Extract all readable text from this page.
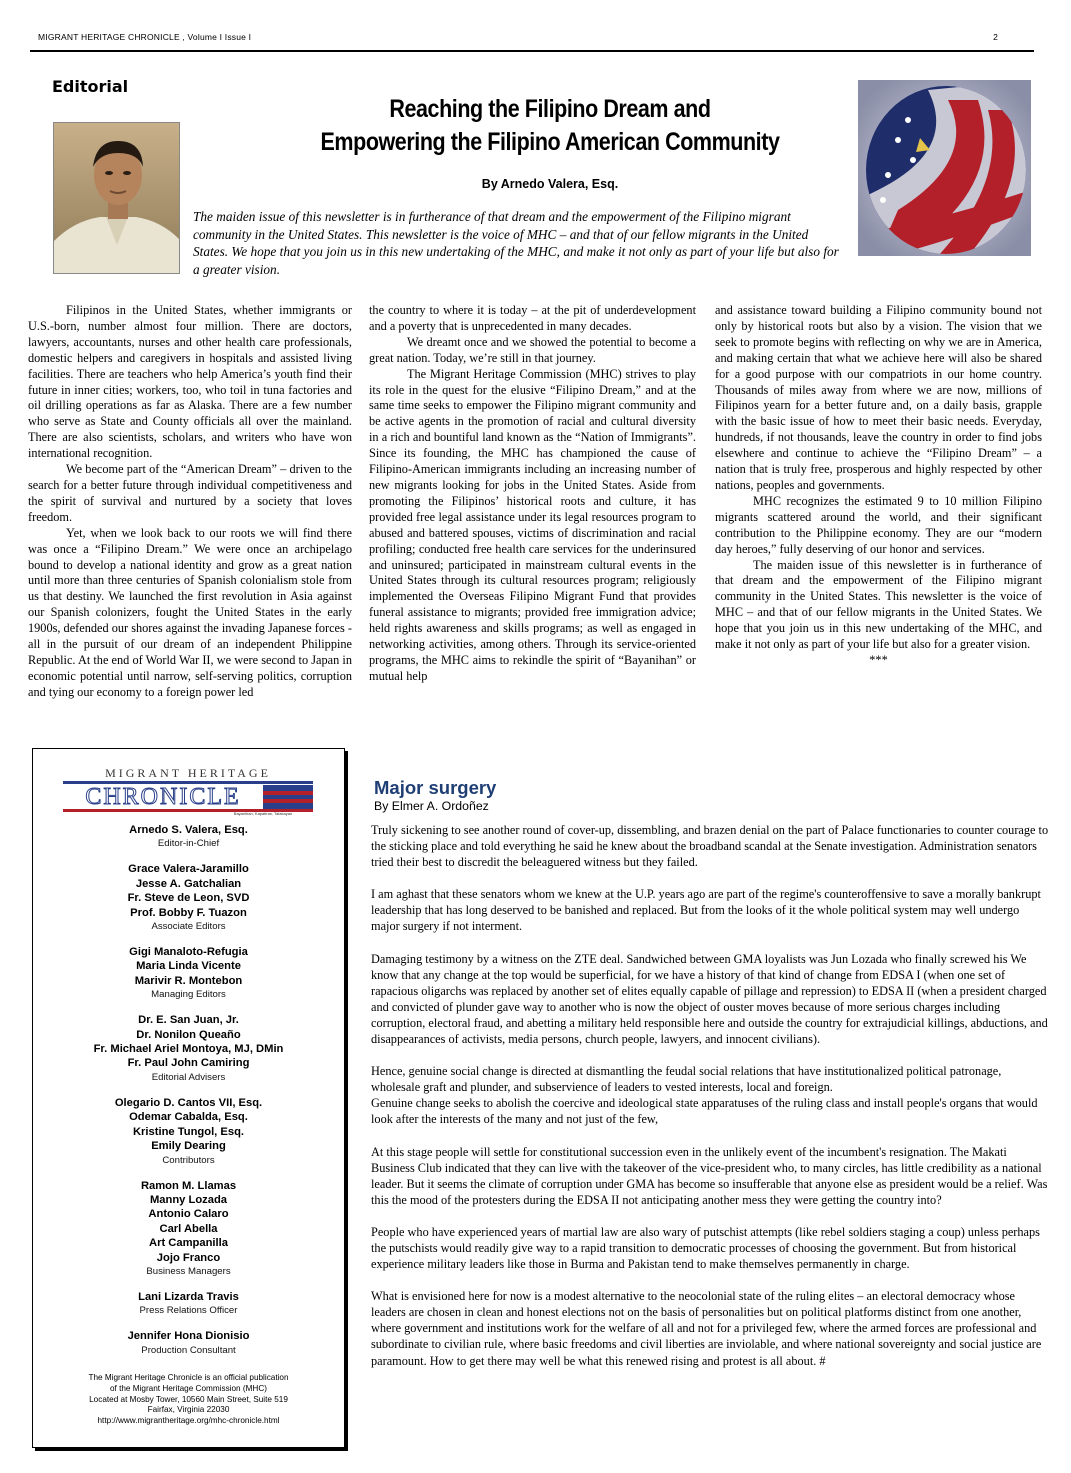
MIGRANT HERITAGE CHRONICLE , Volume I Issue I	2
Editorial
Reaching the Filipino Dream and
Empowering the Filipino American Community
By Arnedo Valera, Esq.
The maiden issue of this newsletter is in furtherance of that dream and the empowerment of the Filipino migrant community in the United States. This newsletter is the voice of MHC – and that of our fellow migrants in the United States. We hope that you join us in this new undertaking of the MHC, and make it not only as part of your life but also for a greater vision.

Filipinos in the United States, whether immigrants or U.S.-born, number almost four million. There are doctors, lawyers, accountants, nurses and other health care professionals, domestic helpers and caregivers in hospitals and assisted living facilities. There are teachers who help America’s youth find their future in inner cities; workers, too, who toil in tuna factories and oil drilling operations as far as Alaska. There are a few number who serve as State and County officials all over the mainland. There are also scientists, scholars, and writers who have won international recognition.

We become part of the “American Dream” – driven to the search for a better future through individual competitiveness and the spirit of survival and nurtured by a society that loves freedom.

Yet, when we look back to our roots we will find there was once a “Filipino Dream.” We were once an archipelago bound to develop a national identity and grow as a great nation until more than three centuries of Spanish colonialism stole from us that destiny. We launched the first revolution in Asia against our Spanish colonizers, fought the United States in the early 1900s, defended our shores against the invading Japanese forces - all in the pursuit of our dream of an independent Philippine Republic. At the end of World War II, we were second to Japan in economic potential until narrow, self-serving politics, corruption and tying our economy to a foreign power led

the country to where it is today – at the pit of underdevelopment and a poverty that is unprecedented in many decades.

We dreamt once and we showed the potential to become a great nation. Today, we’re still in that journey.

The Migrant Heritage Commission (MHC) strives to play its role in the quest for the elusive “Filipino Dream,” and at the same time seeks to empower the Filipino migrant community and be active agents in the promotion of racial and cultural diversity in a rich and bountiful land known as the “Nation of Immigrants”. Since its founding, the MHC has championed the cause of Filipino-American immigrants including an increasing number of new migrants looking for jobs in the United States. Aside from promoting the Filipinos’ historical roots and culture, it has provided free legal assistance under its legal resources program to abused and battered spouses, victims of discrimination and racial profiling; conducted free health care services for the underinsured and uninsured; participated in mainstream cultural events in the United States through its cultural resources program; religiously implemented the Overseas Filipino Migrant Fund that provides funeral assistance to migrants; provided free immigration advice; held rights awareness and skills programs; as well as engaged in networking activities, among others. Through its service-oriented programs, the MHC aims to rekindle the spirit of “Bayanihan” or mutual help

and assistance toward building a Filipino community bound not only by historical roots but also by a vision. The vision that we seek to promote begins with reflecting on why we are in America, and making certain that what we achieve here will also be shared for a good purpose with our compatriots in our home country. Thousands of miles away from where we are now, millions of Filipinos yearn for a better future and, on a daily basis, grapple with the basic issue of how to meet their basic needs. Everyday, hundreds, if not thousands, leave the country in order to find jobs elsewhere and continue to achieve the “Filipino Dream” – a nation that is truly free, prosperous and highly respected by other nations, peoples and governments.

MHC recognizes the estimated 9 to 10 million Filipino migrants scattered around the world, and their significant contribution to the Philippine economy. They are our “modern day heroes,” fully deserving of our honor and services.

The maiden issue of this newsletter is in furtherance of that dream and the empowerment of the Filipino migrant community in the United States. This newsletter is the voice of MHC – and that of our fellow migrants in the United States. We hope that you join us in this new undertaking of the MHC, and make it not only as part of your life but also for a greater vision.

***

MIGRANT HERITAGE
CHRONICLE
Bayanihan, Kapatiran, Talakayan
Arnedo S. Valera, Esq.
Editor-in-Chief
Grace Valera-Jaramillo
Jesse A. Gatchalian
Fr. Steve de Leon, SVD
Prof. Bobby F. Tuazon
Associate Editors
Gigi Manaloto-Refugia
Maria Linda Vicente
Marivir R. Montebon
Managing Editors
Dr. E. San Juan, Jr.
Dr. Nonilon Queaño
Fr. Michael Ariel Montoya, MJ, DMin
Fr. Paul John Camiring
Editorial Advisers
Olegario D. Cantos VII, Esq.
Odemar Cabalda, Esq.
Kristine Tungol, Esq.
Emily Dearing
Contributors
Ramon M. Llamas
Manny Lozada
Antonio Calaro
Carl Abella
Art Campanilla
Jojo Franco
Business Managers
Lani Lizarda Travis
Press Relations Officer
Jennifer Hona Dionisio
Production Consultant
The Migrant Heritage Chronicle is an official publication
of the Migrant Heritage Commission (MHC)
Located at Mosby Tower, 10560 Main Street, Suite 519
Fairfax, Virginia 22030
http://www.migrantheritage.org/mhc-chronicle.html
Major surgery
By Elmer A. Ordoñez

Truly sickening to see another round of cover-up, dissembling, and brazen denial on the part of Palace functionaries to counter courage to the sticking place and told everything he said he knew about the broadband scandal at the Senate investigation. Administration senators tried their best to discredit the beleaguered witness but they failed.

I am aghast that these senators whom we knew at the U.P. years ago are part of the regime's counteroffensive to save a morally bankrupt leadership that has long deserved to be banished and replaced. But from the looks of it the whole political system may well undergo major surgery if not interment.

Damaging testimony by a witness on the ZTE deal. Sandwiched between GMA loyalists was Jun Lozada who finally screwed his We know that any change at the top would be superficial, for we have a history of that kind of change from EDSA I (when one set of rapacious oligarchs was replaced by another set of elites equally capable of pillage and repression) to EDSA II (when a president charged and convicted of plunder gave way to another who is now the object of ouster moves because of more serious charges including corruption, electoral fraud, and abetting a military held responsible here and outside the country for extrajudicial killings, abductions, and disappearances of activists, media persons, church people, lawyers, and innocent civilians).

Hence, genuine social change is directed at dismantling the feudal social relations that have institutionalized political patronage, wholesale graft and plunder, and subservience of leaders to vested interests, local and foreign.

Genuine change seeks to abolish the coercive and ideological state apparatuses of the ruling class and install people's organs that would look after the interests of the many and not just of the few,

At this stage people will settle for constitutional succession even in the unlikely event of the incumbent's resignation. The Makati Business Club indicated that they can live with the takeover of the vice-president who, to many circles, has little credibility as a national leader. But it seems the climate of corruption under GMA has become so insufferable that anyone else as president would be a relief. Was this the mood of the protesters during the EDSA II not anticipating another mess they were getting the country into?

People who have experienced years of martial law are also wary of putschist attempts (like rebel soldiers staging a coup) unless perhaps the putschists would readily give way to a rapid transition to democratic processes of choosing the government. But from historical experience military leaders like those in Burma and Pakistan tend to make themselves permanently in charge.

What is envisioned here for now is a modest alternative to the neocolonial state of the ruling elites – an electoral democracy whose leaders are chosen in clean and honest elections not on the basis of personalities but on political platforms distinct from one another, where government and institutions work for the welfare of all and not for a privileged few, where the armed forces are professional and subordinate to civilian rule, where basic freedoms and civil liberties are inviolable, and where national sovereignty and social justice are paramount. How to get there may well be what this renewed rising and protest is all about. #
